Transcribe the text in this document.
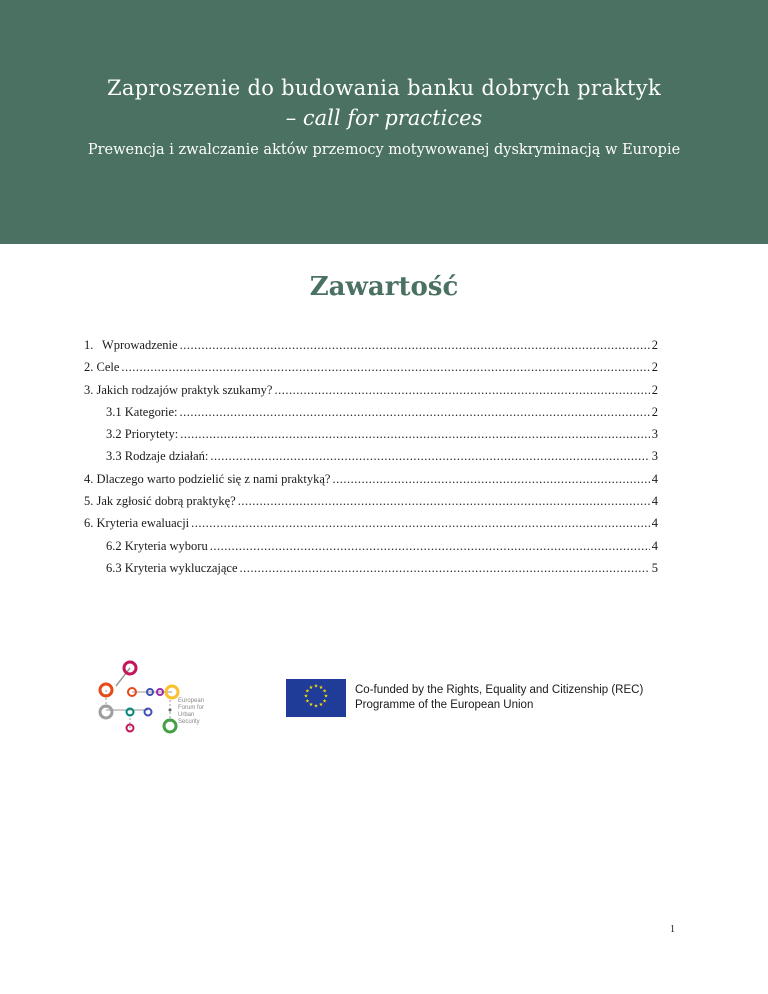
Zaproszenie do budowania banku dobrych praktyk
– call for practices
Prewencja i zwalczanie aktów przemocy motywowanej dyskryminacją w Europie
Zawartość
1. Wprowadzenie .....	2
2. Cele .....	2
3. Jakich rodzajów praktyk szukamy? .....	2
3.1 Kategorie: .....	2
3.2 Priorytety: .....	3
3.3 Rodzaje działań: .....	3
4. Dlaczego warto podzielić się z nami praktyką? .....	4
5. Jak zgłosić dobrą praktykę? .....	4
6. Kryteria ewaluacji .....	4
6.2 Kryteria wyboru .....	4
6.3 Kryteria wykluczające .....	5
European
Forum for
Urban
Security
★ ★
★
★
★
★
★
★
★
★
★
★	Co-funded by the Rights, Equality and Citizenship (REC)
Programme of the European Union
1
